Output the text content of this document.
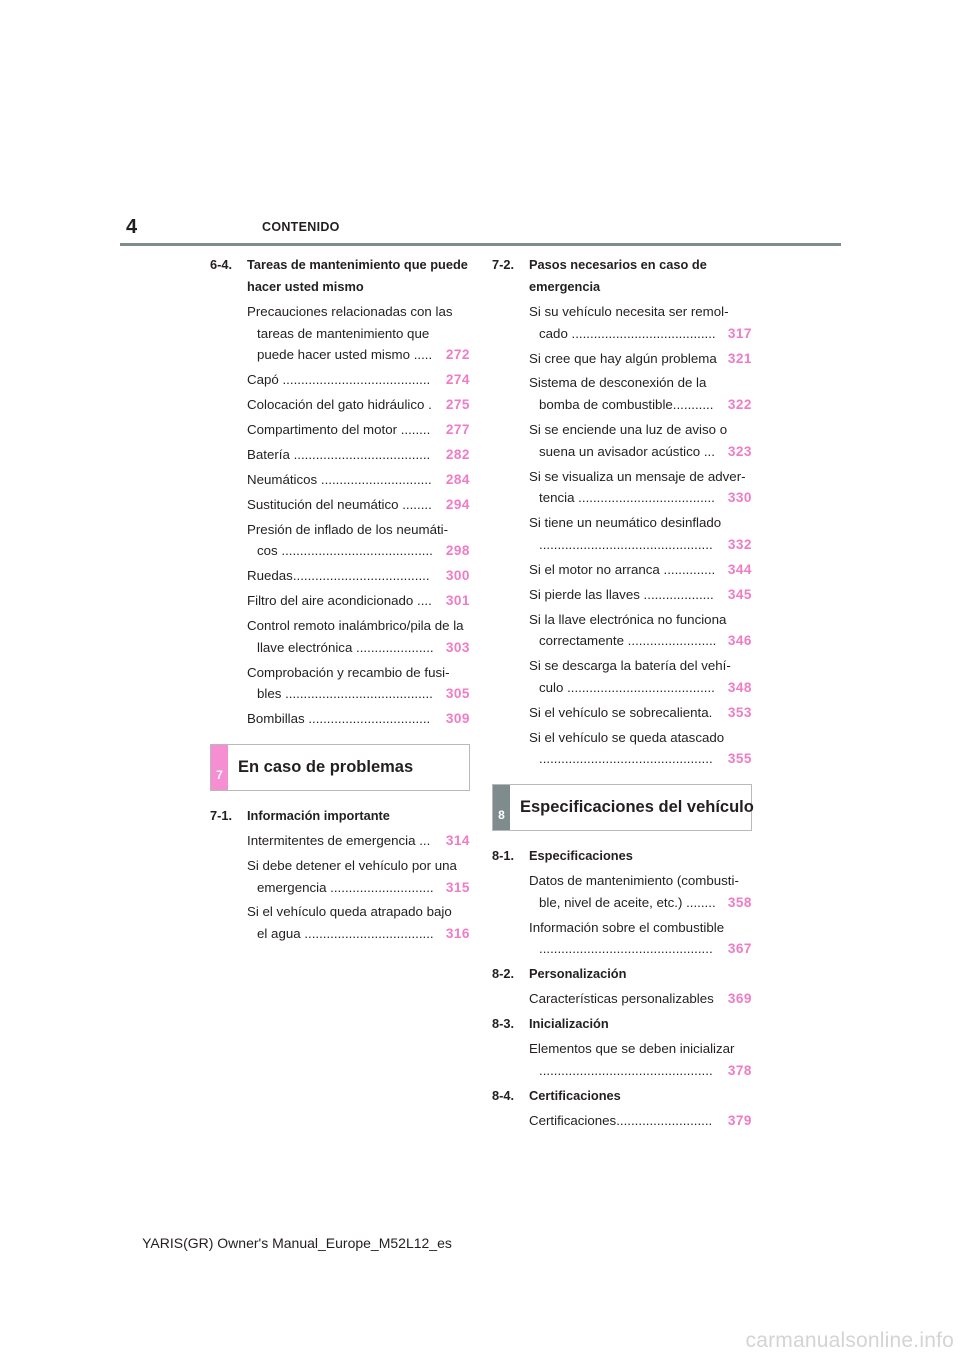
4	CONTENIDO
6-4.	Tareas de mantenimiento que puede hacer usted mismo
Precauciones relacionadas con las
tareas de mantenimiento que
puede hacer usted mismo ..... 272
Capó ........................................ 274
Colocación del gato hidráulico . 275
Compartimento del motor ........ 277
Batería ..................................... 282
Neumáticos .............................. 284
Sustitución del neumático ........ 294
Presión de inflado de los neumáti-
cos ......................................... 298
Ruedas..................................... 300
Filtro del aire acondicionado .... 301
Control remoto inalámbrico/pila de la
llave electrónica ..................... 303
Comprobación y recambio de fusi-
bles ........................................ 305
Bombillas ................................. 309
7 En caso de problemas
7-1.	Información importante
Intermitentes de emergencia ... 314
Si debe detener el vehículo por una
emergencia ............................ 315
Si el vehículo queda atrapado bajo
el agua ................................... 316
7-2.	Pasos necesarios en caso de emergencia
Si su vehículo necesita ser remol-
cado ....................................... 317
Si cree que hay algún problema 321
Sistema de desconexión de la
bomba de combustible........... 322
Si se enciende una luz de aviso o
suena un avisador acústico ... 323
Si se visualiza un mensaje de adver-
tencia ..................................... 330
Si tiene un neumático desinflado
............................................... 332
Si el motor no arranca .............. 344
Si pierde las llaves ................... 345
Si la llave electrónica no funciona
correctamente ........................ 346
Si se descarga la batería del vehí-
culo ........................................ 348
Si el vehículo se sobrecalienta. 353
Si el vehículo se queda atascado
............................................... 355
8 Especificaciones del vehículo
8-1.	Especificaciones
Datos de mantenimiento (combusti-
ble, nivel de aceite, etc.) ........ 358
Información sobre el combustible
............................................... 367
8-2.	Personalización
Características personalizables 369
8-3.	Inicialización
Elementos que se deben inicializar
............................................... 378
8-4.	Certificaciones
Certificaciones.......................... 379
YARIS(GR) Owner's Manual_Europe_M52L12_es
carmanualsonline.info
